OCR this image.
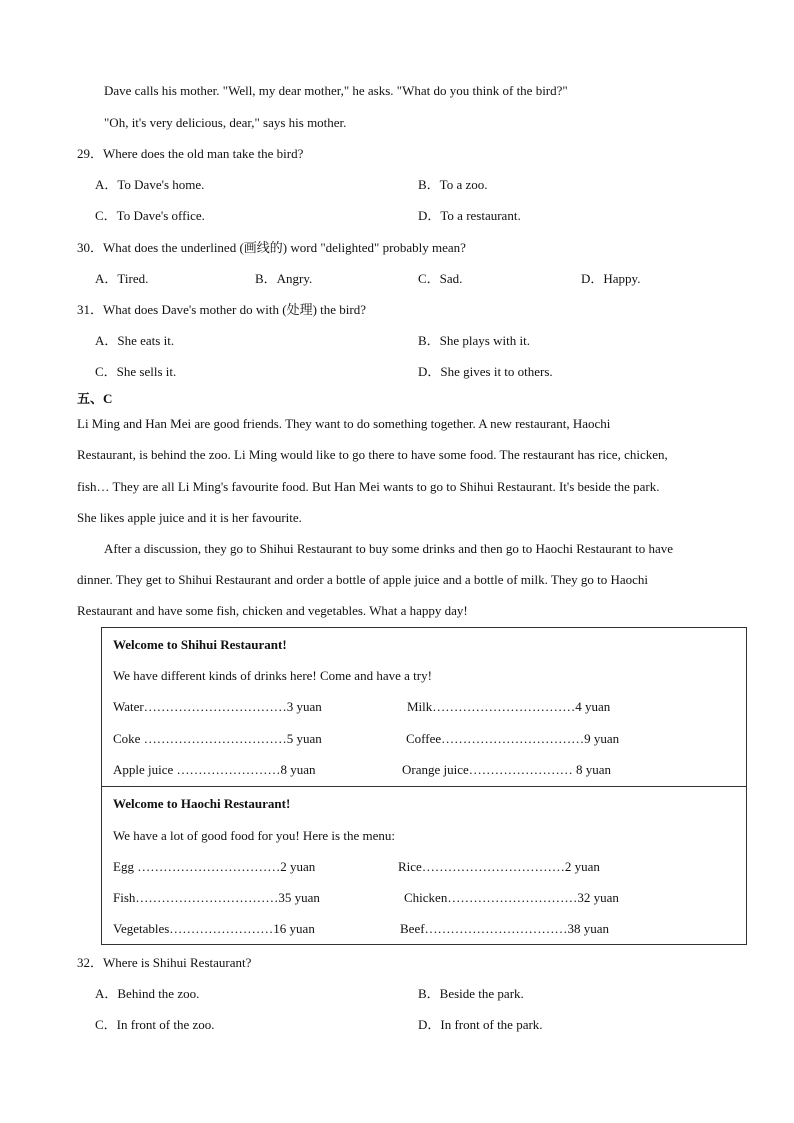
Dave calls his mother. "Well, my dear mother," he asks. "What do you think of the bird?"
"Oh, it's very delicious, dear," says his mother.
29．Where does the old man take the bird?
A．To Dave's home.	B．To a zoo.
C．To Dave's office.	D．To a restaurant.
30．What does the underlined (画线的) word "delighted" probably mean?
A．Tired.	B．Angry.	C．Sad.	D．Happy.
31．What does Dave's mother do with (处理) the bird?
A．She eats it.	B．She plays with it.
C．She sells it.	D．She gives it to others.
五、C
Li Ming and Han Mei are good friends. They want to do something together. A new restaurant, Haochi
Restaurant, is behind the zoo. Li Ming would like to go there to have some food. The restaurant has rice, chicken,
fish… They are all Li Ming's favourite food. But Han Mei wants to go to Shihui Restaurant. It's beside the park.
She likes apple juice and it is her favourite.
After a discussion, they go to Shihui Restaurant to buy some drinks and then go to Haochi Restaurant to have
dinner. They get to Shihui Restaurant and order a bottle of apple juice and a bottle of milk. They go to Haochi
Restaurant and have some fish, chicken and vegetables. What a happy day!
Welcome to Shihui Restaurant!
We have different kinds of drinks here! Come and have a try!
Water……………………………3 yuan	Milk……………………………4 yuan
Coke ……………………………5 yuan	Coffee……………………………9 yuan
Apple juice ……………………8 yuan	Orange juice…………………… 8 yuan
Welcome to Haochi Restaurant!
We have a lot of good food for you! Here is the menu:
Egg ……………………………2 yuan	Rice……………………………2 yuan
Fish……………………………35 yuan	Chicken…………………………32 yuan
Vegetables……………………16 yuan	Beef……………………………38 yuan
32．Where is Shihui Restaurant?
A．Behind the zoo.	B．Beside the park.
C．In front of the zoo.	D．In front of the park.
